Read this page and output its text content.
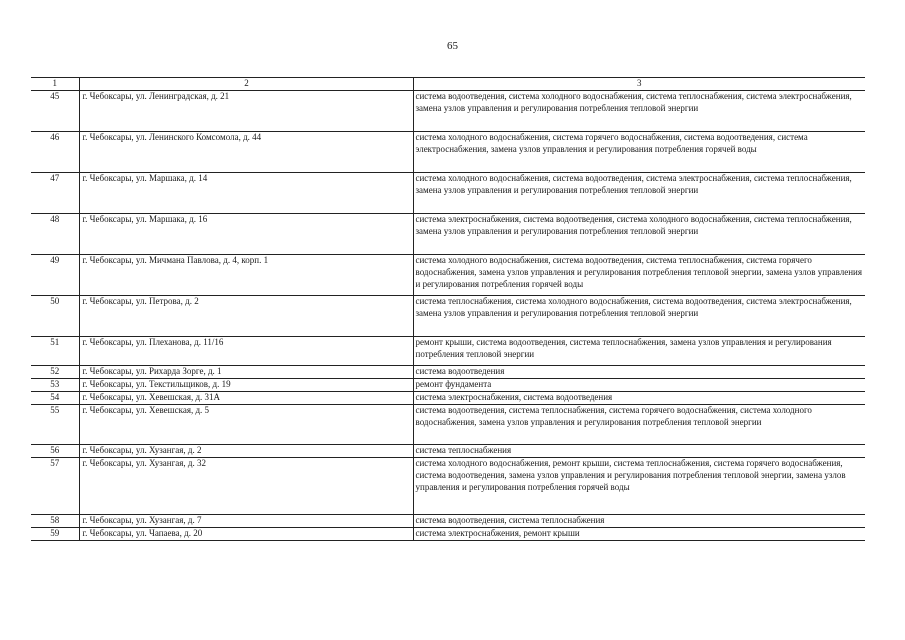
65
1	2	3
45	г. Чебоксары, ул. Ленинградская, д. 21	система водоотведения, система холодного водоснабжения, система теплоснабжения, система электроснабжения, замена узлов управления и регулирования потребления тепловой энергии
46	г. Чебоксары, ул. Ленинского Комсомола, д. 44	система холодного водоснабжения, система горячего водоснабжения, система водоотведения, система электроснабжения, замена узлов управления и регулирования потребления горячей воды
47	г. Чебоксары, ул. Маршака, д. 14	система холодного водоснабжения, система водоотведения, система электроснабжения, система теплоснабжения, замена узлов управления и регулирования потребления тепловой энергии
48	г. Чебоксары, ул. Маршака, д. 16	система электроснабжения, система водоотведения, система холодного водоснабжения, система теплоснабжения, замена узлов управления и регулирования потребления тепловой энергии
49	г. Чебоксары, ул. Мичмана Павлова, д. 4, корп. 1	система холодного водоснабжения, система водоотведения, система теплоснабжения, система горячего водоснабжения, замена узлов управления и регулирования потребления тепловой энергии, замена узлов управления и регулирования потребления горячей воды
50	г. Чебоксары, ул. Петрова, д. 2	система теплоснабжения, система холодного водоснабжения, система водоотведения, система электроснабжения, замена узлов управления и регулирования потребления тепловой энергии
51	г. Чебоксары, ул. Плеханова, д. 11/16	ремонт крыши, система водоотведения, система теплоснабжения, замена узлов управления и регулирования потребления тепловой энергии
52	г. Чебоксары, ул. Рихарда Зорге, д. 1	система водоотведения
53	г. Чебоксары, ул. Текстильщиков, д. 19	ремонт фундамента
54	г. Чебоксары, ул. Хевешская, д. 31А	система электроснабжения, система водоотведения
55	г. Чебоксары, ул. Хевешская, д. 5	система водоотведения, система теплоснабжения, система горячего водоснабжения, система холодного водоснабжения, замена узлов управления и регулирования потребления тепловой энергии
56	г. Чебоксары, ул. Хузангая, д. 2	система теплоснабжения
57	г. Чебоксары, ул. Хузангая, д. 32	система холодного водоснабжения, ремонт крыши, система теплоснабжения, система горячего водоснабжения, система водоотведения, замена узлов управления и регулирования потребления тепловой энергии, замена узлов управления и регулирования потребления горячей воды
58	г. Чебоксары, ул. Хузангая, д. 7	система водоотведения, система теплоснабжения
59	г. Чебоксары, ул. Чапаева, д. 20	система электроснабжения, ремонт крыши
